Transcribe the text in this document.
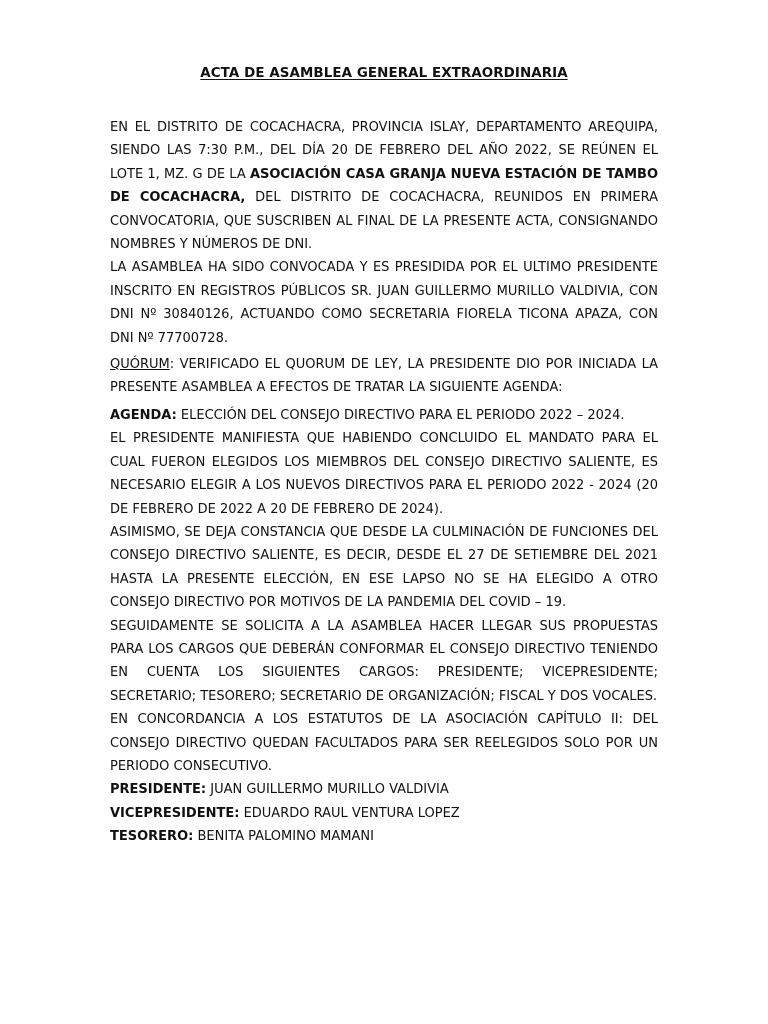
ACTA DE ASAMBLEA GENERAL EXTRAORDINARIA

EN EL DISTRITO DE COCACHACRA, PROVINCIA ISLAY, DEPARTAMENTO AREQUIPA, SIENDO LAS 7:30 P.M., DEL DÍA 20 DE FEBRERO DEL AÑO 2022, SE REÚNEN EL LOTE 1, MZ. G DE LA ASOCIACIÓN CASA GRANJA NUEVA ESTACIÓN DE TAMBO DE COCACHACRA, DEL DISTRITO DE COCACHACRA, REUNIDOS EN PRIMERA CONVOCATORIA, QUE SUSCRIBEN AL FINAL DE LA PRESENTE ACTA, CONSIGNANDO NOMBRES Y NÚMEROS DE DNI.

LA ASAMBLEA HA SIDO CONVOCADA Y ES PRESIDIDA POR EL ULTIMO PRESIDENTE INSCRITO EN REGISTROS PÚBLICOS SR. JUAN GUILLERMO MURILLO VALDIVIA, CON DNI Nº 30840126, ACTUANDO COMO SECRETARIA FIORELA TICONA APAZA, CON DNI Nº 77700728.

QUÓRUM: VERIFICADO EL QUORUM DE LEY, LA PRESIDENTE DIO POR INICIADA LA PRESENTE ASAMBLEA A EFECTOS DE TRATAR LA SIGUIENTE AGENDA:

AGENDA: ELECCIÓN DEL CONSEJO DIRECTIVO PARA EL PERIODO 2022 – 2024.

EL PRESIDENTE MANIFIESTA QUE HABIENDO CONCLUIDO EL MANDATO PARA EL CUAL FUERON ELEGIDOS LOS MIEMBROS DEL CONSEJO DIRECTIVO SALIENTE, ES NECESARIO ELEGIR A LOS NUEVOS DIRECTIVOS PARA EL PERIODO 2022 - 2024 (20 DE FEBRERO DE 2022 A 20 DE FEBRERO DE 2024).

ASIMISMO, SE DEJA CONSTANCIA QUE DESDE LA CULMINACIÓN DE FUNCIONES DEL CONSEJO DIRECTIVO SALIENTE, ES DECIR, DESDE EL 27 DE SETIEMBRE DEL 2021 HASTA LA PRESENTE ELECCIÓN, EN ESE LAPSO NO SE HA ELEGIDO A OTRO CONSEJO DIRECTIVO POR MOTIVOS DE LA PANDEMIA DEL COVID – 19.

SEGUIDAMENTE SE SOLICITA A LA ASAMBLEA HACER LLEGAR SUS PROPUESTAS PARA LOS CARGOS QUE DEBERÁN CONFORMAR EL CONSEJO DIRECTIVO TENIENDO EN CUENTA LOS SIGUIENTES CARGOS: PRESIDENTE; VICEPRESIDENTE; SECRETARIO; TESORERO; SECRETARIO DE ORGANIZACIÓN; FISCAL Y DOS VOCALES.

EN CONCORDANCIA A LOS ESTATUTOS DE LA ASOCIACIÓN CAPÍTULO II: DEL CONSEJO DIRECTIVO QUEDAN FACULTADOS PARA SER REELEGIDOS SOLO POR UN PERIODO CONSECUTIVO.

PRESIDENTE: JUAN GUILLERMO MURILLO VALDIVIA

VICEPRESIDENTE: EDUARDO RAUL VENTURA LOPEZ

TESORERO: BENITA PALOMINO MAMANI
